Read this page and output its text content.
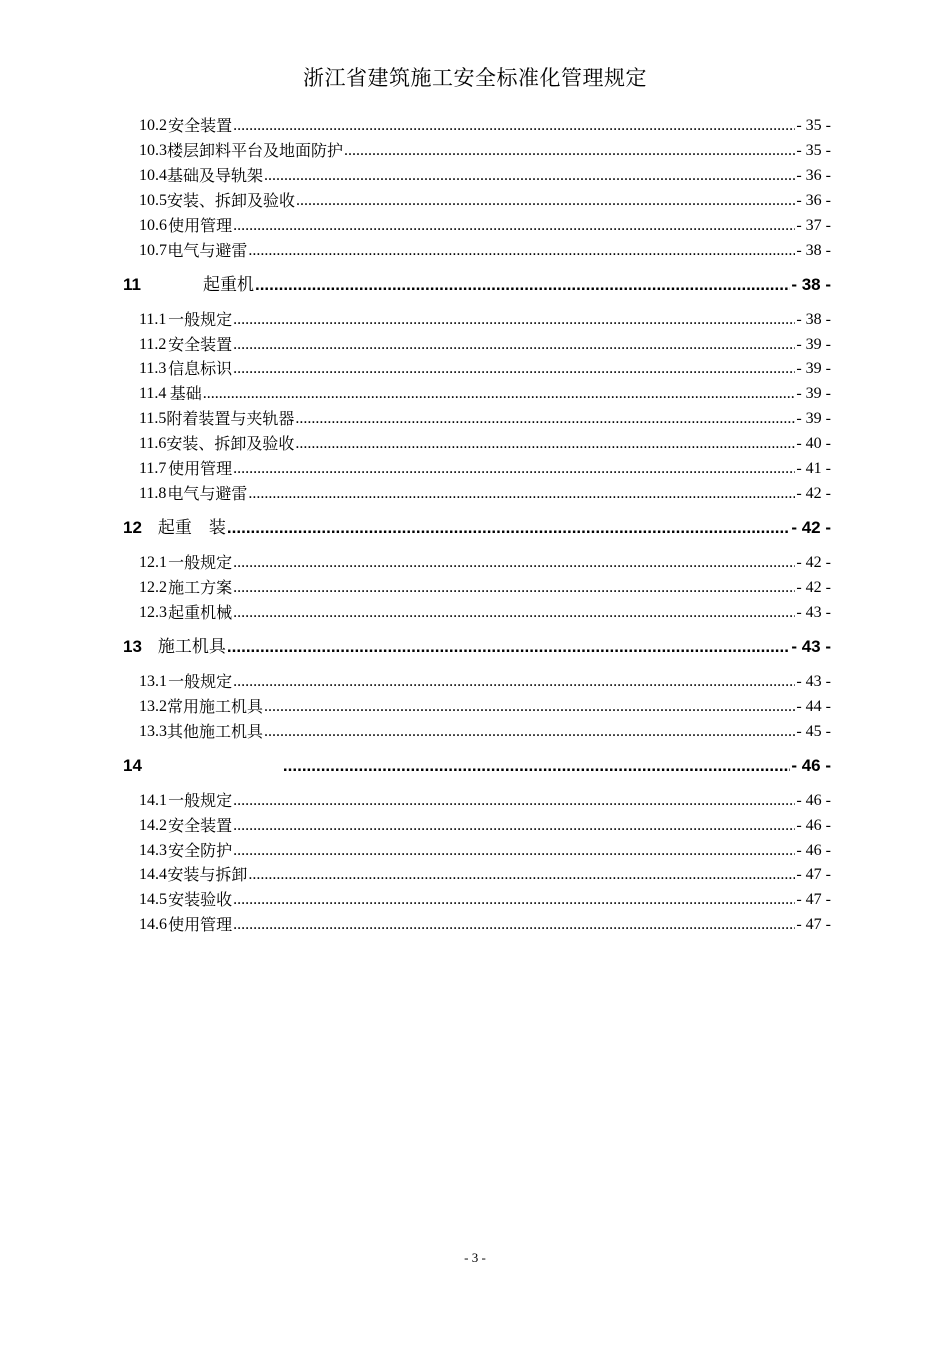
浙江省建筑施工安全标准化管理规定
10.2 安全装置 .....	- 35 -
10.3 楼层卸料平台及地面防护 .....	- 35 -
10.4 基础及导轨架 .....	- 36 -
10.5 安装、拆卸及验收 .....	- 36 -
10.6 使用管理 .....	- 37 -
10.7 电气与避雷 .....	- 38 -
11	起重机 .....	- 38 -
11.1 一般规定 .....	- 38 -
11.2 安全装置 .....	- 39 -
11.3 信息标识 .....	- 39 -
11.4 基础 .....	- 39 -
11.5 附着装置与夹轨器 .....	- 39 -
11.6 安装、拆卸及验收 .....	- 40 -
11.7 使用管理 .....	- 41 -
11.8 电气与避雷 .....	- 42 -
12 起重　装 .....	- 42 -
12.1 一般规定 .....	- 42 -
12.2 施工方案 .....	- 42 -
12.3 起重机械 .....	- 43 -
13 施工机具 .....	- 43 -
13.1 一般规定 .....	- 43 -
13.2 常用施工机具 .....	- 44 -
13.3 其他施工机具 .....	- 45 -
14 .....	- 46 -
14.1 一般规定 .....	- 46 -
14.2 安全装置 .....	- 46 -
14.3 安全防护 .....	- 46 -
14.4 安装与拆卸 .....	- 47 -
14.5 安装验收 .....	- 47 -
14.6 使用管理 .....	- 47 -
- 3 -
